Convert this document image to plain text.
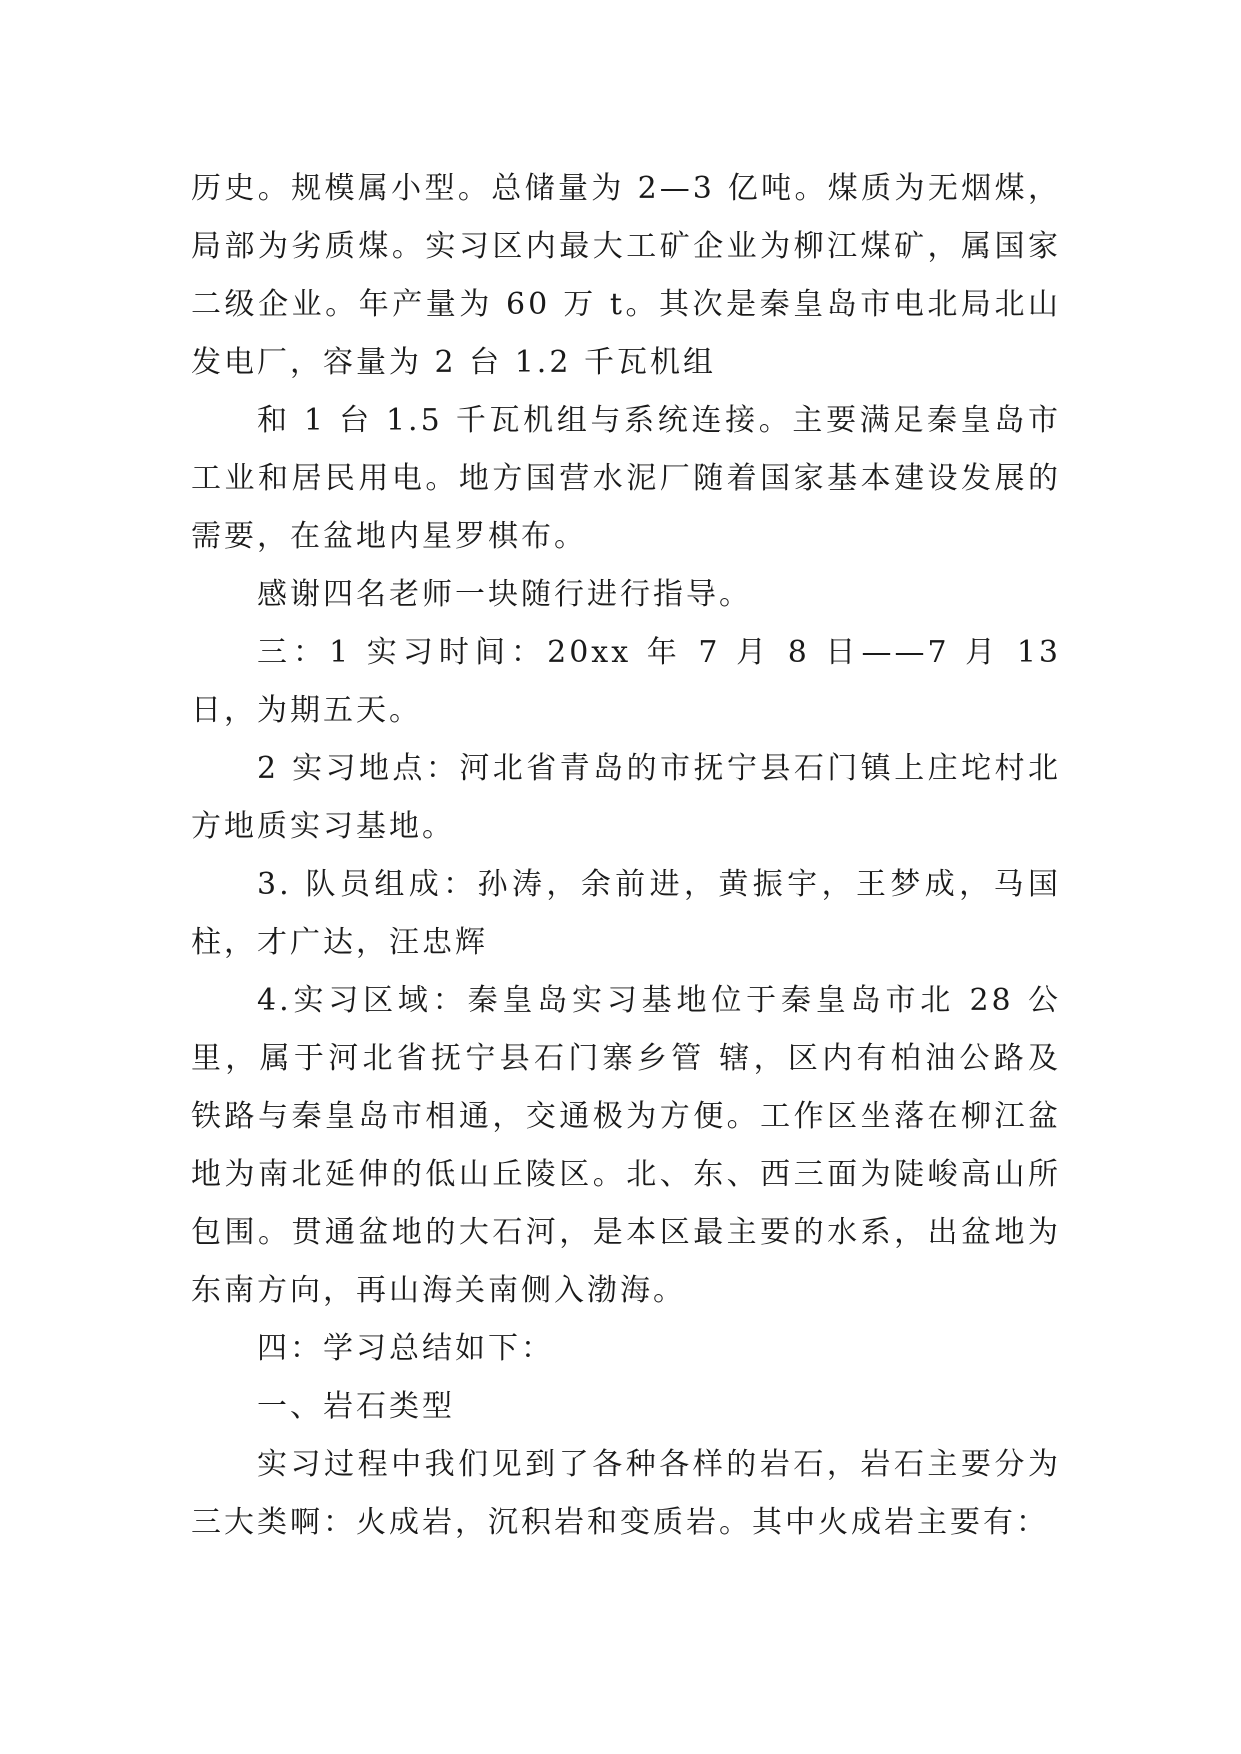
历史。规模属小型。总储量为 2—3 亿吨。煤质为无烟煤，局部为劣质煤。实习区内最大工矿企业为柳江煤矿，属国家二级企业。年产量为 60 万 t。其次是秦皇岛市电北局北山发电厂，容量为 2 台 1.2 千瓦机组

和 1 台 1.5 千瓦机组与系统连接。主要满足秦皇岛市工业和居民用电。地方国营水泥厂随着国家基本建设发展的需要，在盆地内星罗棋布。

感谢四名老师一块随行进行指导。

三：1 实习时间：20xx 年 7 月 8 日——7 月 13 日，为期五天。

2 实习地点：河北省青岛的市抚宁县石门镇上庄坨村北方地质实习基地。

3. 队员组成：孙涛，余前进，黄振宇，王梦成，马国柱，才广达，汪忠辉

4.实习区域：秦皇岛实习基地位于秦皇岛市北 28 公里，属于河北省抚宁县石门寨乡管 辖，区内有柏油公路及铁路与秦皇岛市相通，交通极为方便。工作区坐落在柳江盆地为南北延伸的低山丘陵区。北、东、西三面为陡峻高山所包围。贯通盆地的大石河，是本区最主要的水系，出盆地为东南方向，再山海关南侧入渤海。

四：学习总结如下：

一、岩石类型

实习过程中我们见到了各种各样的岩石，岩石主要分为三大类啊：火成岩，沉积岩和变质岩。其中火成岩主要有：
